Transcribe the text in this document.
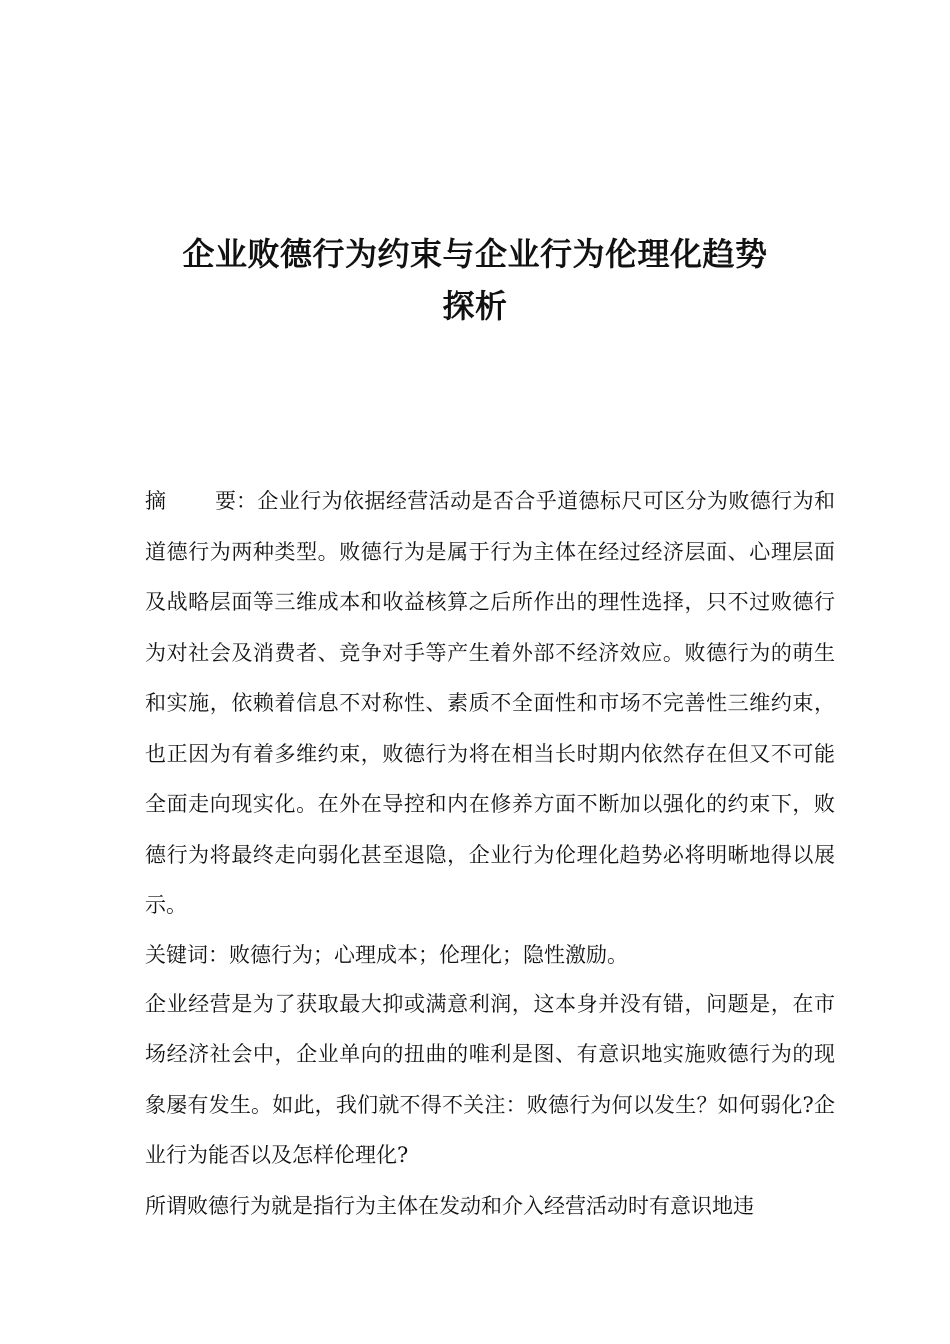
企业败德行为约束与企业行为伦理化趋势
探析

摘 要：企业行为依据经营活动是否合乎道德标尺可区分为败德行为和道德行为两种类型。败德行为是属于行为主体在经过经济层面、心理层面及战略层面等三维成本和收益核算之后所作出的理性选择，只不过败德行为对社会及消费者、竞争对手等产生着外部不经济效应。败德行为的萌生和实施，依赖着信息不对称性、素质不全面性和市场不完善性三维约束，也正因为有着多维约束，败德行为将在相当长时期内依然存在但又不可能全面走向现实化。在外在导控和内在修养方面不断加以强化的约束下，败德行为将最终走向弱化甚至退隐，企业行为伦理化趋势必将明晰地得以展示。

关键词：败德行为；心理成本；伦理化；隐性激励。

企业经营是为了获取最大抑或满意利润，这本身并没有错，问题是，在市场经济社会中，企业单向的扭曲的唯利是图、有意识地实施败德行为的现象屡有发生。如此，我们就不得不关注：败德行为何以发生？如何弱化?企业行为能否以及怎样伦理化?

所谓败德行为就是指行为主体在发动和介入经营活动时有意识地违
